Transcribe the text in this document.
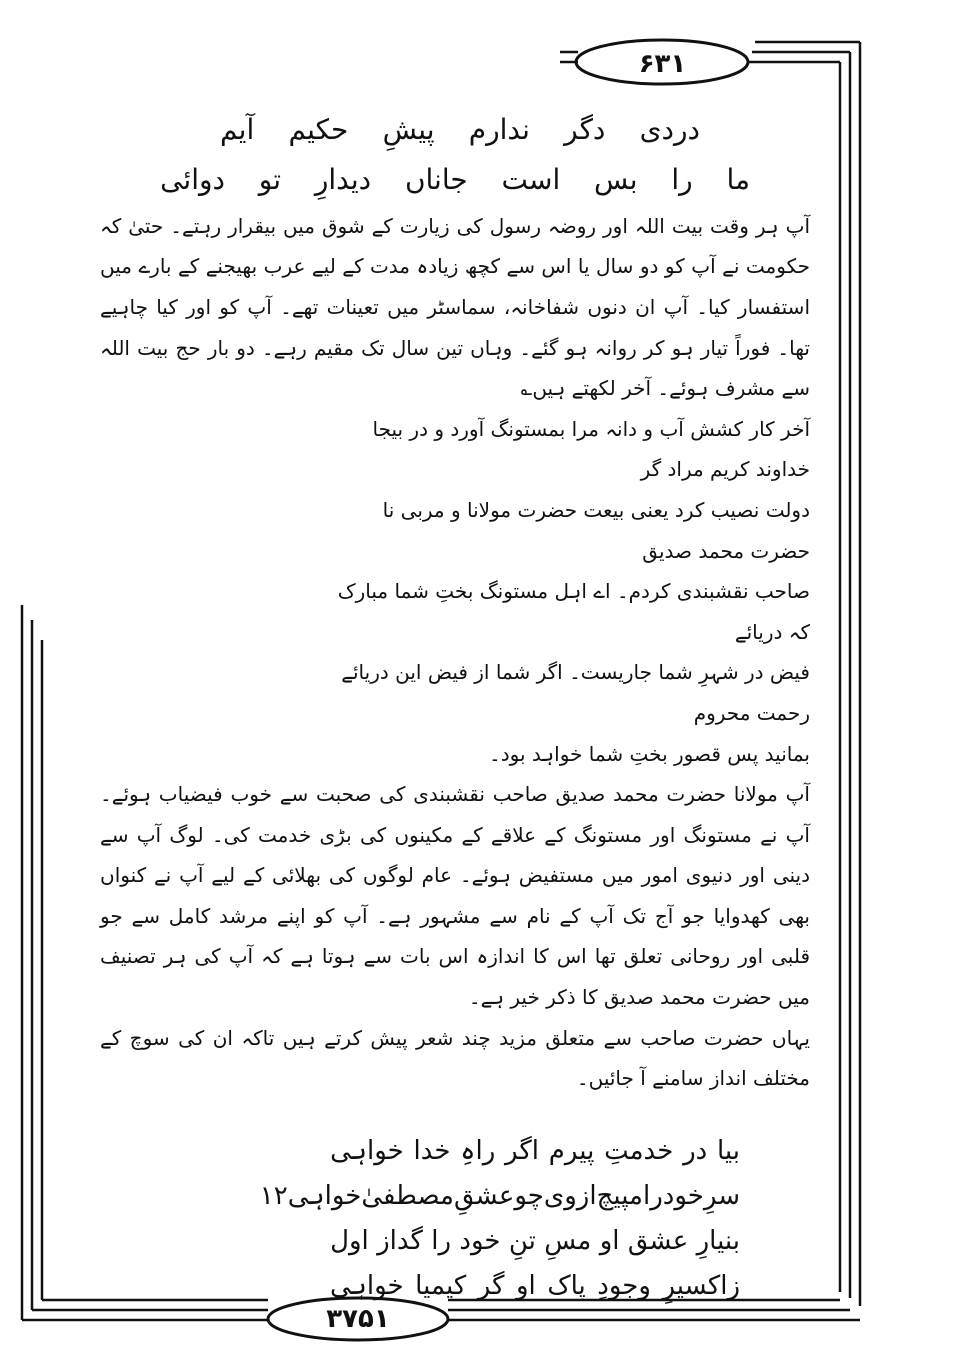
۶۳۱
۳۷۵۱
دردی
دگر
ندارم
پیشِ
حکیم
آیم
ما
را
بس
است
جاناں
دیدارِ
تو
دوائی

آپ ہر وقت بیت اللہ اور روضہ رسول کی زیارت کے شوق میں بیقرار رہتے۔ حتیٰ کہ حکومت نے آپ کو دو سال یا اس سے کچھ زیادہ مدت کے لیے عرب بھیجنے کے بارے میں استفسار کیا۔ آپ ان دنوں شفاخانہ، سماسٹر میں تعینات تھے۔ آپ کو اور کیا چاہیے تھا۔ فوراً تیار ہو کر روانہ ہو گئے۔ وہاں تین سال تک مقیم رہے۔ دو بار حج بیت اللہ سے مشرف ہوئے۔ آخر لکھتے ہیں؎

آخر کار کشش آب و دانہ مرا بمستونگ آورد و در بیجا خداوند کریم مراد گر

دولت نصیب کرد یعنی بیعت حضرت مولانا و مربی نا حضرت محمد صدیق

صاحب نقشبندی کردم۔ اے اہل مستونگ بختِ شما مبارک کہ دریائے

فیض در شہرِ شما جاریست۔ اگر شما از فیض این دریائے رحمت محروم

بمانید پس قصور بختِ شما خواہد بود۔

آپ مولانا حضرت محمد صدیق صاحب نقشبندی کی صحبت سے خوب فیضیاب ہوئے۔ آپ نے مستونگ اور مستونگ کے علاقے کے مکینوں کی بڑی خدمت کی۔ لوگ آپ سے دینی اور دنیوی امور میں مستفیض ہوئے۔ عام لوگوں کی بھلائی کے لیے آپ نے کنواں بھی کھدوایا جو آج تک آپ کے نام سے مشہور ہے۔ آپ کو اپنے مرشد کامل سے جو قلبی اور روحانی تعلق تھا اس کا اندازہ اس بات سے ہوتا ہے کہ آپ کی ہر تصنیف میں حضرت محمد صدیق کا ذکر خیر ہے۔

یہاں حضرت صاحب سے متعلق مزید چند شعر پیش کرتے ہیں تاکہ ان کی سوچ کے مختلف انداز سامنے آ جائیں۔

بیا
در
خدمتِ
پیرم
اگر
راہِ
خدا
خواہی
سرِ
خود
را
مپیچ
از
وی
چو
عشقِ
مصطفیٰ
خواہی۱۲
بنیارِ
عشق
او
مسِ
تنِ
خود
را
گداز
اول
زاکسیرِ
وجودِ
پاک
او
گر
کیمیا
خواہی
